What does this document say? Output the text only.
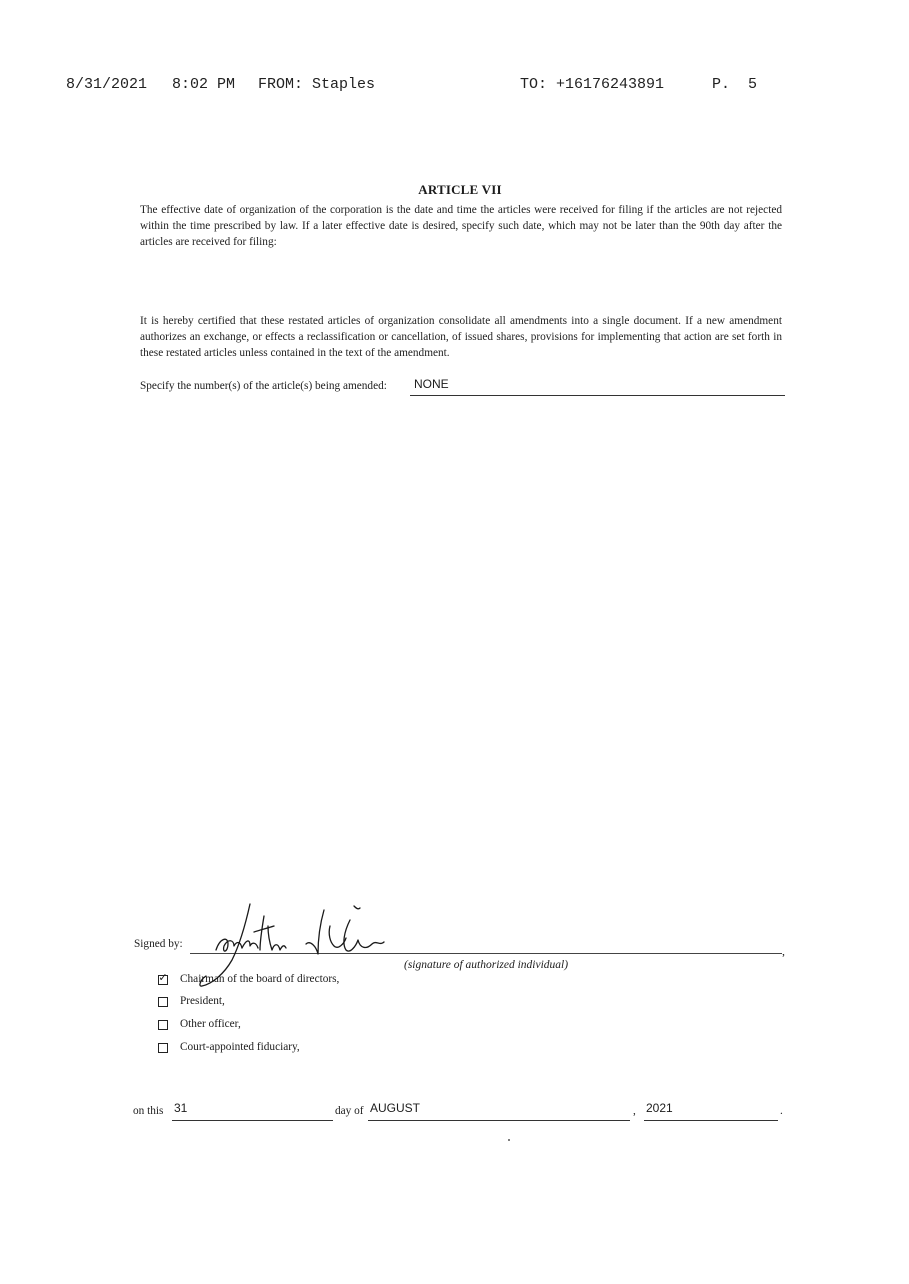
8/31/2021 8:02 PM FROM: Staples	TO: +16176243891	P.  5
ARTICLE VII
The effective date of organization of the corporation is the date and time the articles were received for filing if the articles are not rejected within the time prescribed by law. If a later effective date is desired, specify such date, which may not be later than the 90th day after the articles are received for filing:
It is hereby certified that these restated articles of organization consolidate all amendments into a single document. If a new amendment authorizes an exchange, or effects a reclassification or cancellation, of issued shares, provisions for implementing that action are set forth in these restated articles unless contained in the text of the amendment.
Specify the number(s) of the article(s) being amended: NONE
Signed by:	,
(signature of authorized individual)
✓ Chairman of the board of directors,
President,
Other officer,
Court-appointed fiduciary,
on this 31	day of AUGUST	, 2021	.
